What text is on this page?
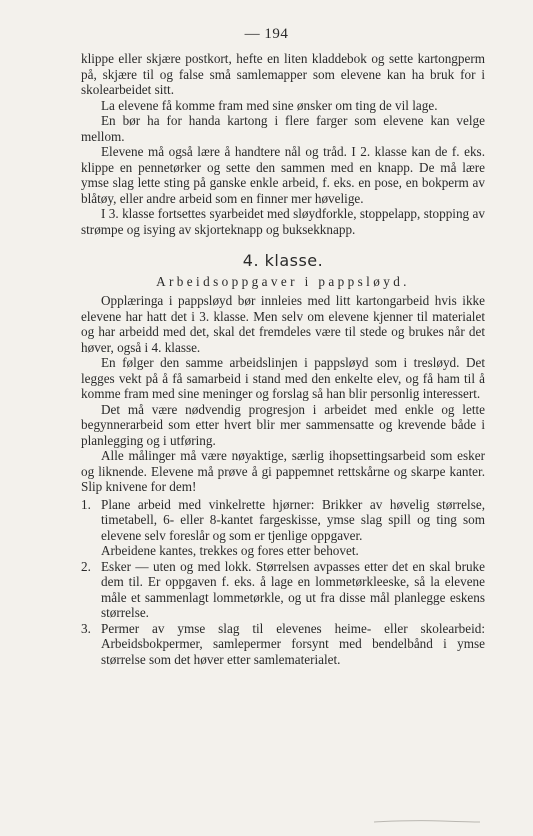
— 194

klippe eller skjære postkort, hefte en liten kladdebok og sette kartongperm på, skjære til og false små samlemapper som elevene kan ha bruk for i skolearbeidet sitt.

La elevene få komme fram med sine ønsker om ting de vil lage.

En bør ha for handa kartong i flere farger som elevene kan velge mellom.

Elevene må også lære å handtere nål og tråd. I 2. klasse kan de f. eks. klippe en pennetørker og sette den sammen med en knapp. De må lære ymse slag lette sting på ganske enkle arbeid, f. eks. en pose, en bokperm av blåtøy, eller andre arbeid som en finner mer høvelige.

I 3. klasse fortsettes syarbeidet med sløydforkle, stoppelapp, stopping av strømpe og isying av skjorteknapp og buksekknapp.

4. klasse.
Arbeidsoppgaver i pappsløyd.

Opplæringa i pappsløyd bør innleies med litt kartongarbeid hvis ikke elevene har hatt det i 3. klasse. Men selv om elevene kjenner til materialet og har arbeidd med det, skal det fremdeles være til stede og brukes når det høver, også i 4. klasse.

En følger den samme arbeidslinjen i pappsløyd som i tresløyd. Det legges vekt på å få samarbeid i stand med den enkelte elev, og få ham til å komme fram med sine meninger og forslag så han blir personlig interessert.

Det må være nødvendig progresjon i arbeidet med enkle og lette begynnerarbeid som etter hvert blir mer sammensatte og krevende både i planlegging og i utføring.

Alle målinger må være nøyaktige, særlig ihopsettingsarbeid som esker og liknende. Elevene må prøve å gi pappemnet rettskårne og skarpe kanter. Slip knivene for dem!

1. Plane arbeid med vinkelrette hjørner: Brikker av høvelig størrelse, timetabell, 6- eller 8-kantet fargeskisse, ymse slag spill og ting som elevene selv foreslår og som er tjenlige oppgaver.
Arbeidene kantes, trekkes og fores etter behovet.
2. Esker — uten og med lokk. Størrelsen avpasses etter det en skal bruke dem til. Er oppgaven f. eks. å lage en lommetørkleeske, så la elevene måle et sammenlagt lommetørkle, og ut fra disse mål planlegge eskens størrelse.
3. Permer av ymse slag til elevenes heime- eller skolearbeid: Arbeidsbokpermer, samlepermer forsynt med bendelbånd i ymse størrelse som det høver etter samlematerialet.
